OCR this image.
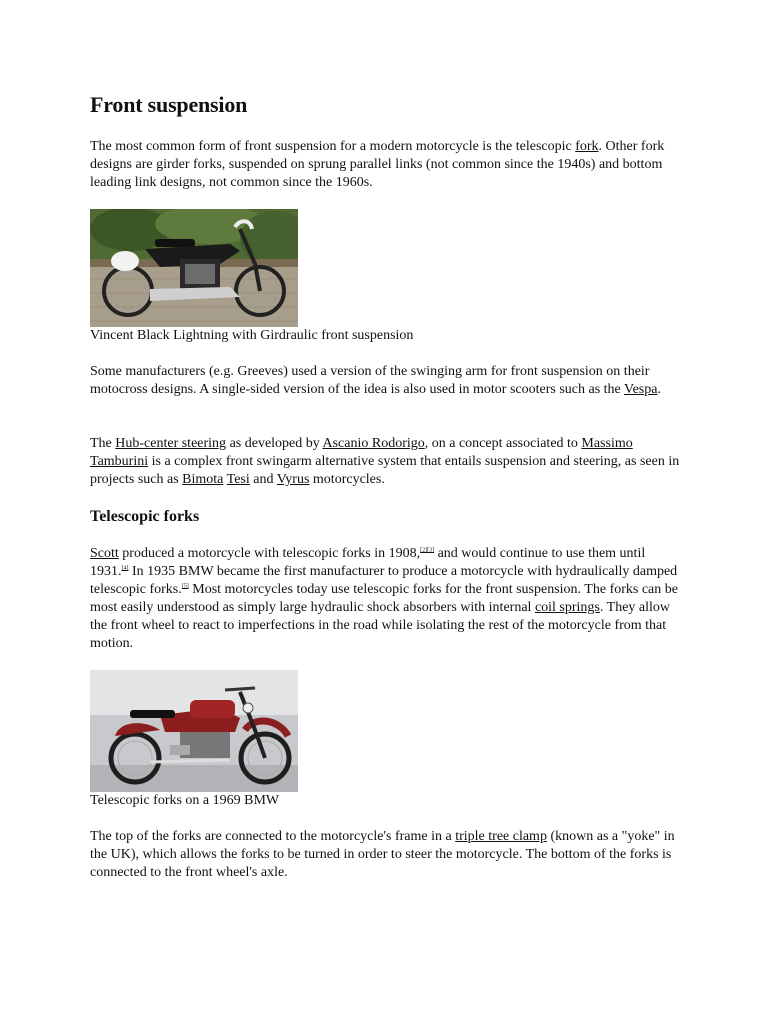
Front suspension

The most common form of front suspension for a modern motorcycle is the telescopic fork. Other fork designs are girder forks, suspended on sprung parallel links (not common since the 1940s) and bottom leading link designs, not common since the 1960s.

Vincent Black Lightning with Girdraulic front suspension

Some manufacturers (e.g. Greeves) used a version of the swinging arm for front suspension on their motocross designs. A single-sided version of the idea is also used in motor scooters such as the Vespa.

The Hub-center steering as developed by Ascanio Rodorigo, on a concept associated to Massimo Tamburini is a complex front swingarm alternative system that entails suspension and steering, as seen in projects such as Bimota Tesi and Vyrus motorcycles.

Telescopic forks

Scott produced a motorcycle with telescopic forks in 1908,[2][3] and would continue to use them until 1931.[4] In 1935 BMW became the first manufacturer to produce a motorcycle with hydraulically damped telescopic forks.[5] Most motorcycles today use telescopic forks for the front suspension. The forks can be most easily understood as simply large hydraulic shock absorbers with internal coil springs. They allow the front wheel to react to imperfections in the road while isolating the rest of the motorcycle from that motion.

Telescopic forks on a 1969 BMW

The top of the forks are connected to the motorcycle's frame in a triple tree clamp (known as a "yoke" in the UK), which allows the forks to be turned in order to steer the motorcycle. The bottom of the forks is connected to the front wheel's axle.
